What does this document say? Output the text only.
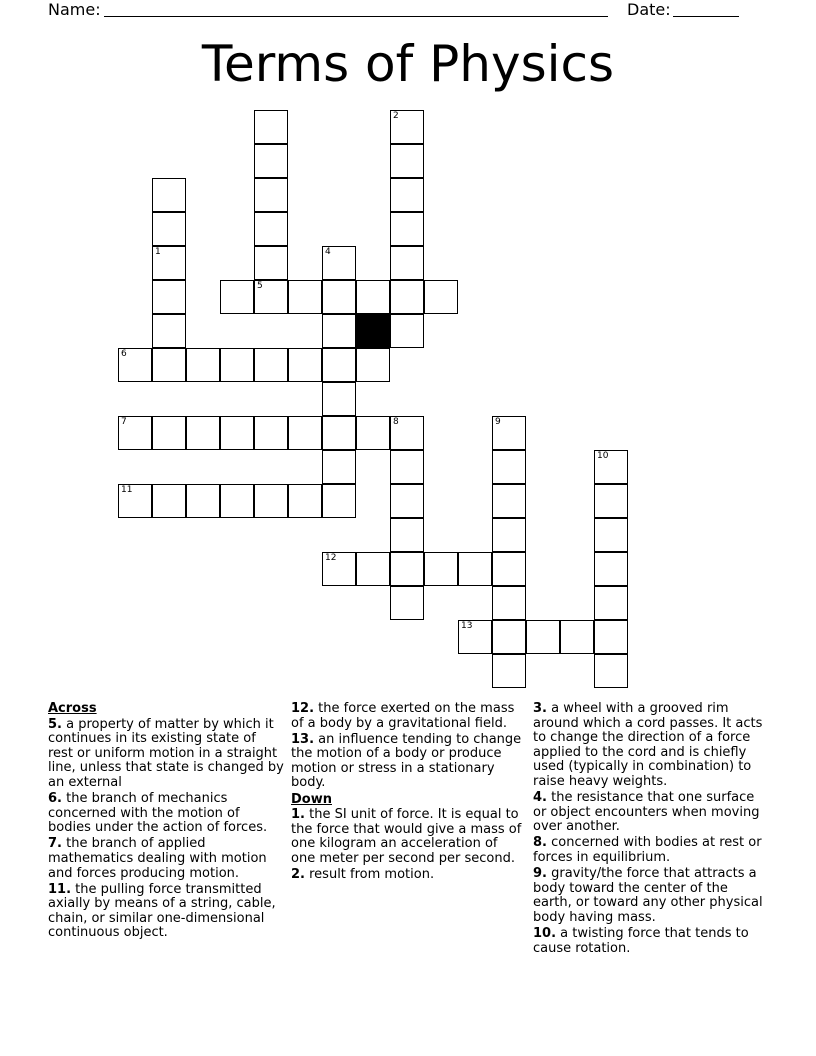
Name:	Date:
Terms of Physics
2
1	4
5
6
7	8	9
10
11
12
13
Across
5. a property of matter by which it continues in its existing state of rest or uniform motion in a straight line, unless that state is changed by an external
6. the branch of mechanics concerned with the motion of bodies under the action of forces.
7. the branch of applied mathematics dealing with motion and forces producing motion.
11. the pulling force transmitted axially by means of a string, cable, chain, or similar one-dimensional continuous object.
12. the force exerted on the mass of a body by a gravitational field.
13. an influence tending to change the motion of a body or produce motion or stress in a stationary body.
Down
1. the SI unit of force. It is equal to the force that would give a mass of one kilogram an acceleration of one meter per second per second.
2. result from motion.
3. a wheel with a grooved rim around which a cord passes. It acts to change the direction of a force applied to the cord and is chiefly used (typically in combination) to raise heavy weights.
4. the resistance that one surface or object encounters when moving over another.
8. concerned with bodies at rest or forces in equilibrium.
9. gravity/the force that attracts a body toward the center of the earth, or toward any other physical body having mass.
10. a twisting force that tends to cause rotation.
